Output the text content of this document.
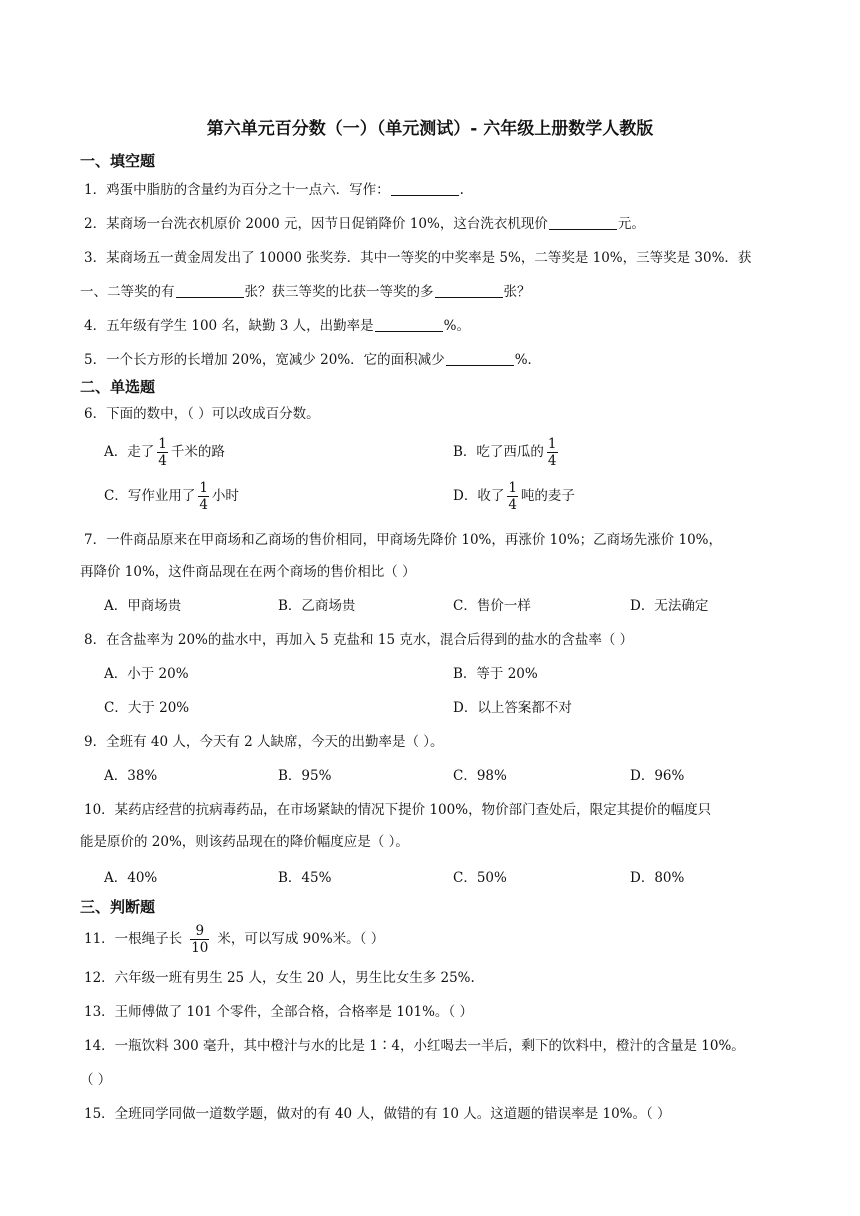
第六单元百分数（一）（单元测试）- 六年级上册数学人教版
一、填空题
1．鸡蛋中脂肪的含量约为百分之十一点六．写作：	.
2．某商场一台洗衣机原价 2000 元，因节日促销降价 10%，这台洗衣机现价	元。
3．某商场五一黄金周发出了 10000 张奖券．其中一等奖的中奖率是 5%，二等奖是 10%，三等奖是 30%．获
一、二等奖的有	张？获三等奖的比获一等奖的多	张？
4．五年级有学生 100 名，缺勤 3 人，出勤率是	%。
5．一个长方形的长增加 20%，宽减少 20%．它的面积减少	%．
二、单选题
6．下面的数中，（ ）可以改成百分数。
A．走了 $\frac{1}{4}$ 千米的路	B．吃了西瓜的 $\frac{1}{4}$
C．写作业用了 $\frac{1}{4}$ 小时	D．收了 $\frac{1}{4}$ 吨的麦子
7．一件商品原来在甲商场和乙商场的售价相同，甲商场先降价 10%，再涨价 10%；乙商场先涨价 10%，
再降价 10%，这件商品现在在两个商场的售价相比（ ）
A．甲商场贵	B．乙商场贵	C．售价一样	D．无法确定
8．在含盐率为 20%的盐水中，再加入 5 克盐和 15 克水，混合后得到的盐水的含盐率（ ）
A．小于 20%	B．等于 20%
C．大于 20%	D．以上答案都不对
9．全班有 40 人，今天有 2 人缺席，今天的出勤率是（ ）。
A．38%	B．95%	C．98%	D．96%
10．某药店经营的抗病毒药品，在市场紧缺的情况下提价 100%，物价部门查处后，限定其提价的幅度只
能是原价的 20%，则该药品现在的降价幅度应是（ ）。
A．40%	B．45%	C．50%	D．80%
三、判断题
11．一根绳子长 $\frac{9}{10}$ 米，可以写成 90%米。（ ）
12．六年级一班有男生 25 人，女生 20 人，男生比女生多 25%.
13．王师傅做了 101 个零件，全部合格，合格率是 101%。（ ）
14．一瓶饮料 300 毫升，其中橙汁与水的比是 1∶4，小红喝去一半后，剩下的饮料中，橙汁的含量是 10%。
（ ）
15．全班同学同做一道数学题，做对的有 40 人，做错的有 10 人。这道题的错误率是 10%。（ ）
